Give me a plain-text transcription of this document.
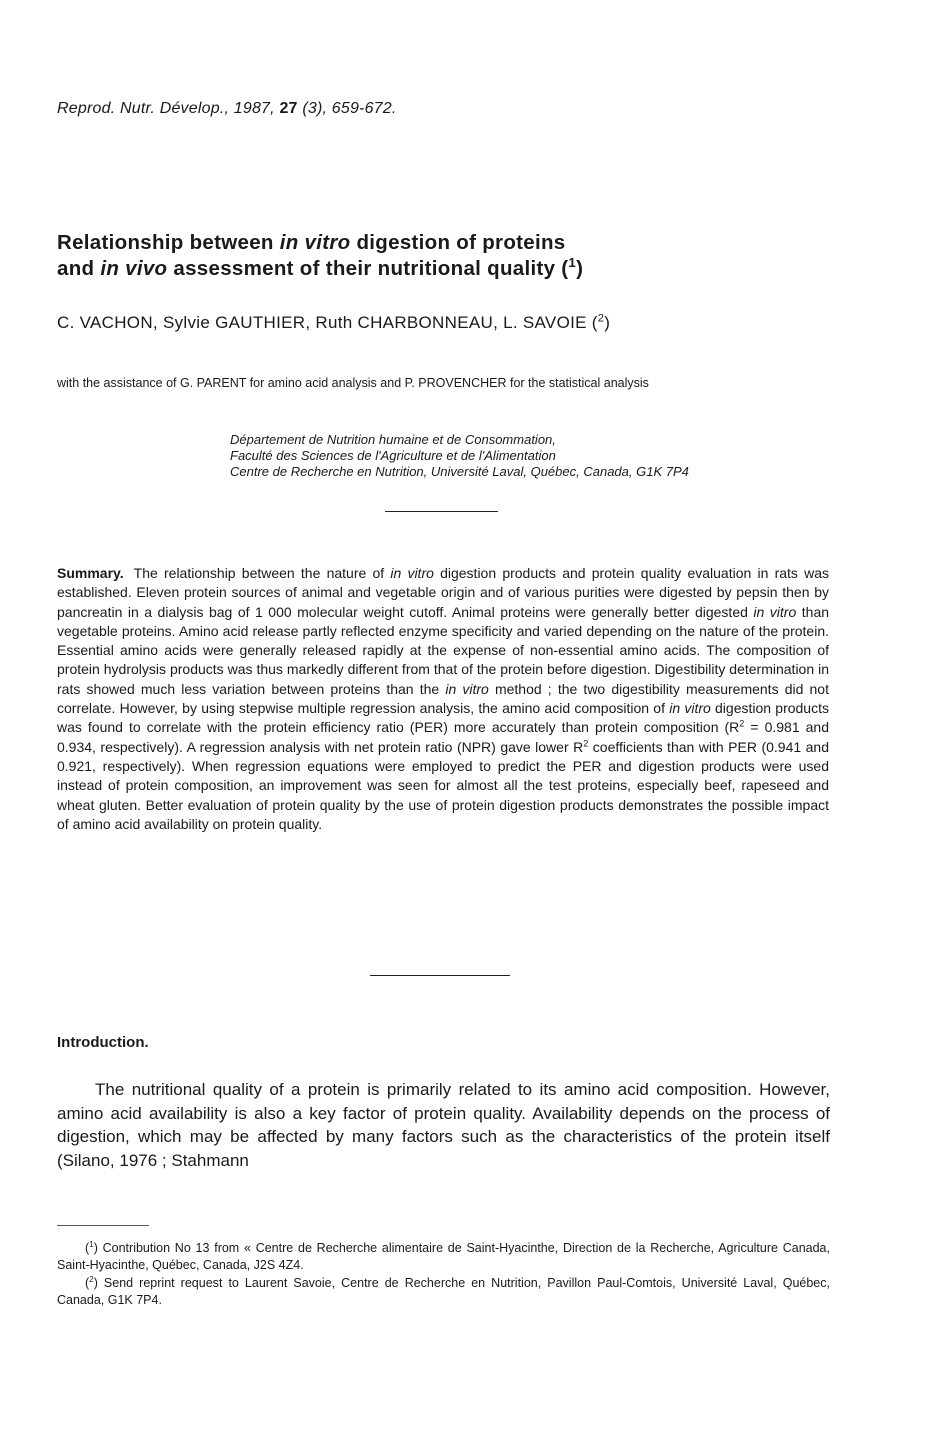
Reprod. Nutr. Dévelop., 1987, 27 (3), 659-672.
Relationship between in vitro digestion of proteins
and in vivo assessment of their nutritional quality ($^1$)
C. VACHON, Sylvie GAUTHIER, Ruth CHARBONNEAU, L. SAVOIE ($^2$)
with the assistance of G. PARENT for amino acid analysis and P. PROVENCHER for the statistical analysis
Département de Nutrition humaine et de Consommation,
Faculté des Sciences de l'Agriculture et de l'Alimentation
Centre de Recherche en Nutrition, Université Laval, Québec, Canada, G1K 7P4
Summary. The relationship between the nature of in vitro digestion products and protein quality evaluation in rats was established. Eleven protein sources of animal and vegetable origin and of various purities were digested by pepsin then by pancreatin in a dialysis bag of 1 000 molecular weight cutoff. Animal proteins were generally better digested in vitro than vegetable proteins. Amino acid release partly reflected enzyme specificity and varied depending on the nature of the protein. Essential amino acids were generally released rapidly at the expense of non-essential amino acids. The composition of protein hydrolysis products was thus markedly different from that of the protein before digestion. Digestibility determination in rats showed much less variation between proteins than the in vitro method ; the two digestibility measurements did not correlate. However, by using stepwise multiple regression analysis, the amino acid composition of in vitro digestion products was found to correlate with the protein efficiency ratio (PER) more accurately than protein composition ($R^2 = 0.981$ and 0.934, respectively). A regression analysis with net protein ratio (NPR) gave lower $R^2$ coefficients than with PER (0.941 and 0.921, respectively). When regression equations were employed to predict the PER and digestion products were used instead of protein composition, an improvement was seen for almost all the test proteins, especially beef, rapeseed and wheat gluten. Better evaluation of protein quality by the use of protein digestion products demonstrates the possible impact of amino acid availability on protein quality.
Introduction.
The nutritional quality of a protein is primarily related to its amino acid composition. However, amino acid availability is also a key factor of protein quality. Availability depends on the process of digestion, which may be affected by many factors such as the characteristics of the protein itself (Silano, 1976 ; Stahmann
($^1$) Contribution No 13 from « Centre de Recherche alimentaire de Saint-Hyacinthe, Direction de la Recherche, Agriculture Canada, Saint-Hyacinthe, Québec, Canada, J2S 4Z4.
($^2$) Send reprint request to Laurent Savoie, Centre de Recherche en Nutrition, Pavillon Paul-Comtois, Université Laval, Québec, Canada, G1K 7P4.
